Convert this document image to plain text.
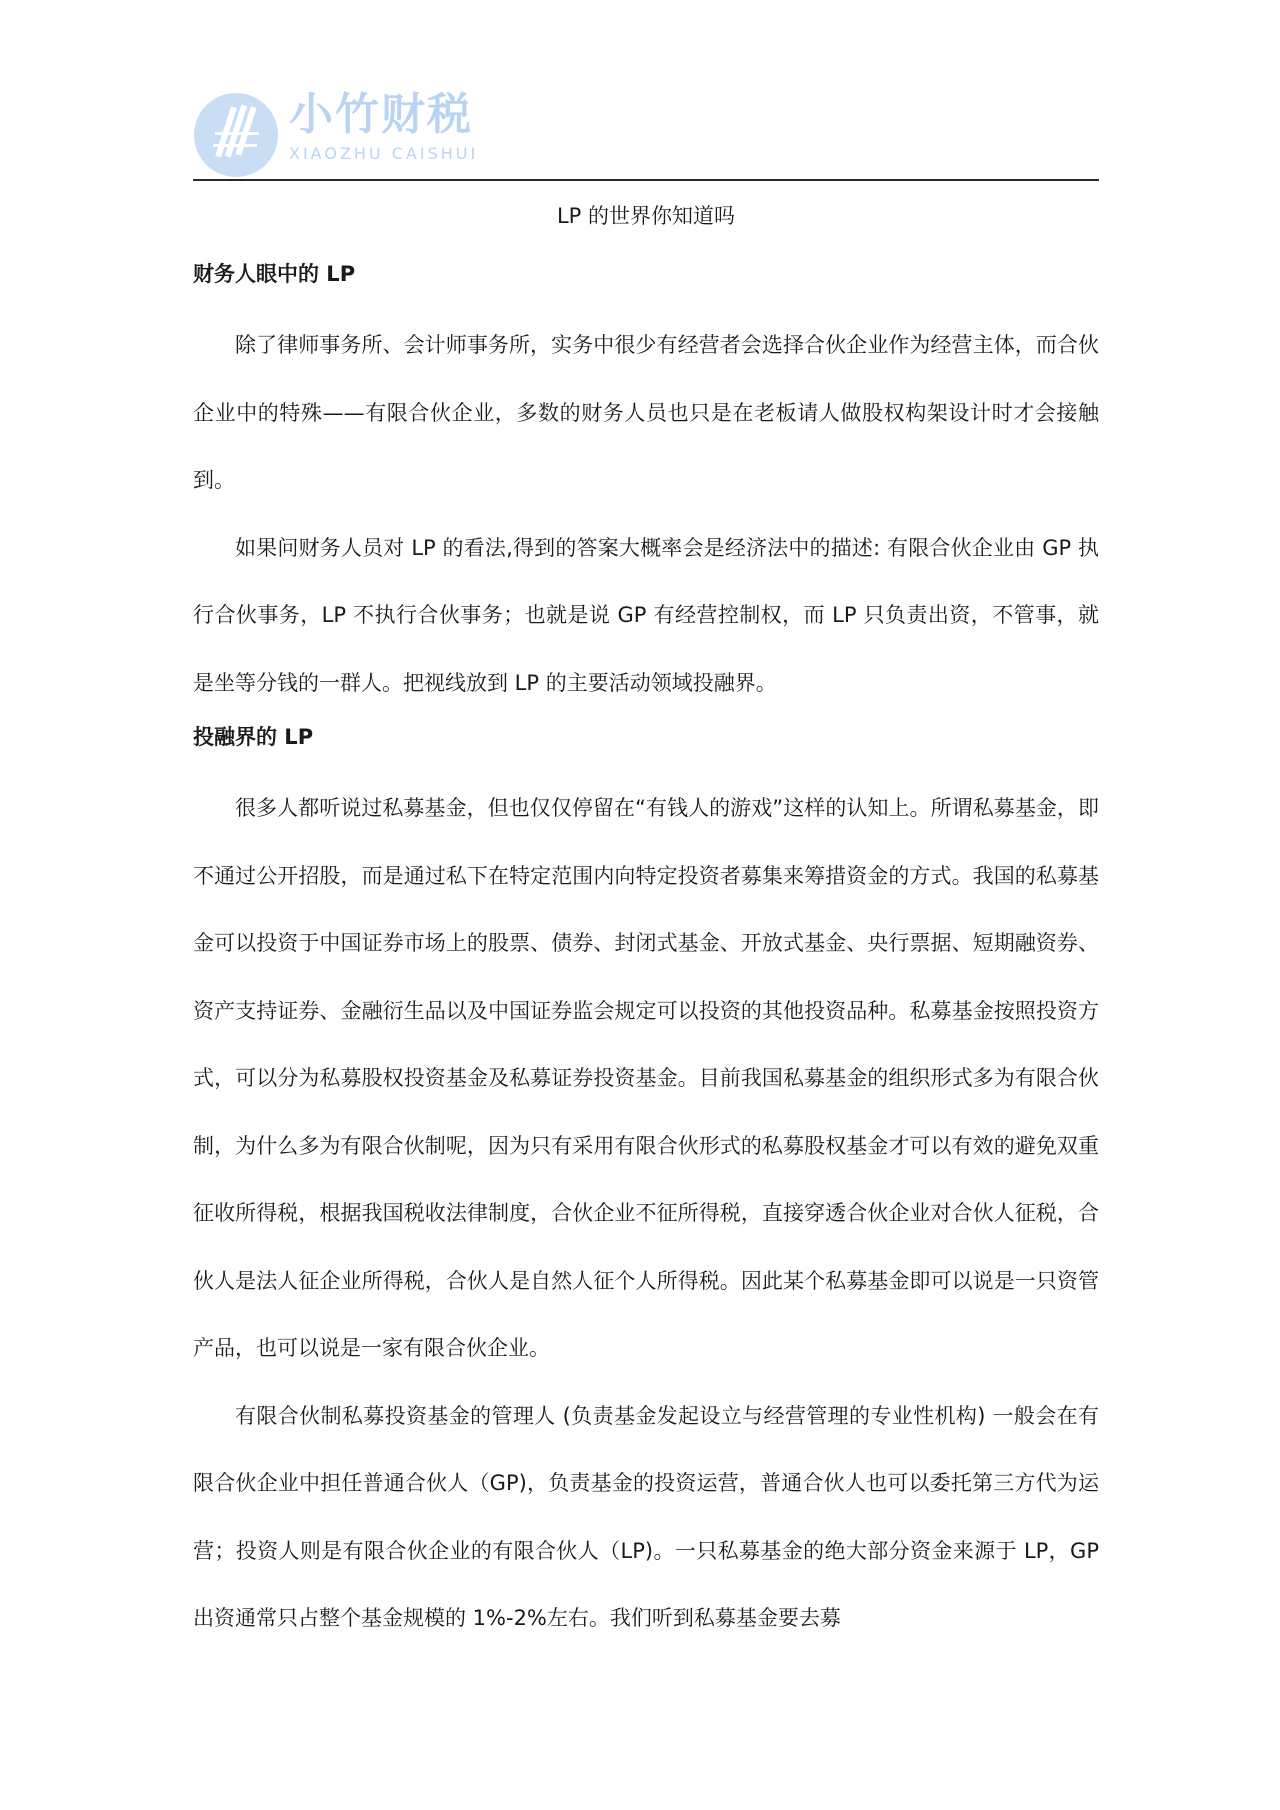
小竹财税
XIAOZHU CAISHUI
LP 的世界你知道吗
财务人眼中的 LP

除了律师事务所、会计师事务所，实务中很少有经营者会选择合伙企业作为经营主体，而合伙企业中的特殊——有限合伙企业，多数的财务人员也只是在老板请人做股权构架设计时才会接触到。

如果问财务人员对 LP 的看法,得到的答案大概率会是经济法中的描述: 有限合伙企业由 GP 执行合伙事务，LP 不执行合伙事务；也就是说 GP 有经营控制权，而 LP 只负责出资，不管事，就是坐等分钱的一群人。把视线放到 LP 的主要活动领域投融界。

投融界的 LP

很多人都听说过私募基金，但也仅仅停留在“有钱人的游戏”这样的认知上。所谓私募基金，即不通过公开招股，而是通过私下在特定范围内向特定投资者募集来筹措资金的方式。我国的私募基金可以投资于中国证券市场上的股票、债券、封闭式基金、开放式基金、央行票据、短期融资券、资产支持证券、金融衍生品以及中国证券监会规定可以投资的其他投资品种。私募基金按照投资方式，可以分为私募股权投资基金及私募证券投资基金。目前我国私募基金的组织形式多为有限合伙制，为什么多为有限合伙制呢，因为只有采用有限合伙形式的私募股权基金才可以有效的避免双重征收所得税，根据我国税收法律制度，合伙企业不征所得税，直接穿透合伙企业对合伙人征税，合伙人是法人征企业所得税，合伙人是自然人征个人所得税。因此某个私募基金即可以说是一只资管产品，也可以说是一家有限合伙企业。

有限合伙制私募投资基金的管理人 (负责基金发起设立与经营管理的专业性机构) 一般会在有限合伙企业中担任普通合伙人（GP)，负责基金的投资运营，普通合伙人也可以委托第三方代为运营；投资人则是有限合伙企业的有限合伙人（LP)。一只私募基金的绝大部分资金来源于 LP，GP 出资通常只占整个基金规模的 1%-2%左右。我们听到私募基金要去募
